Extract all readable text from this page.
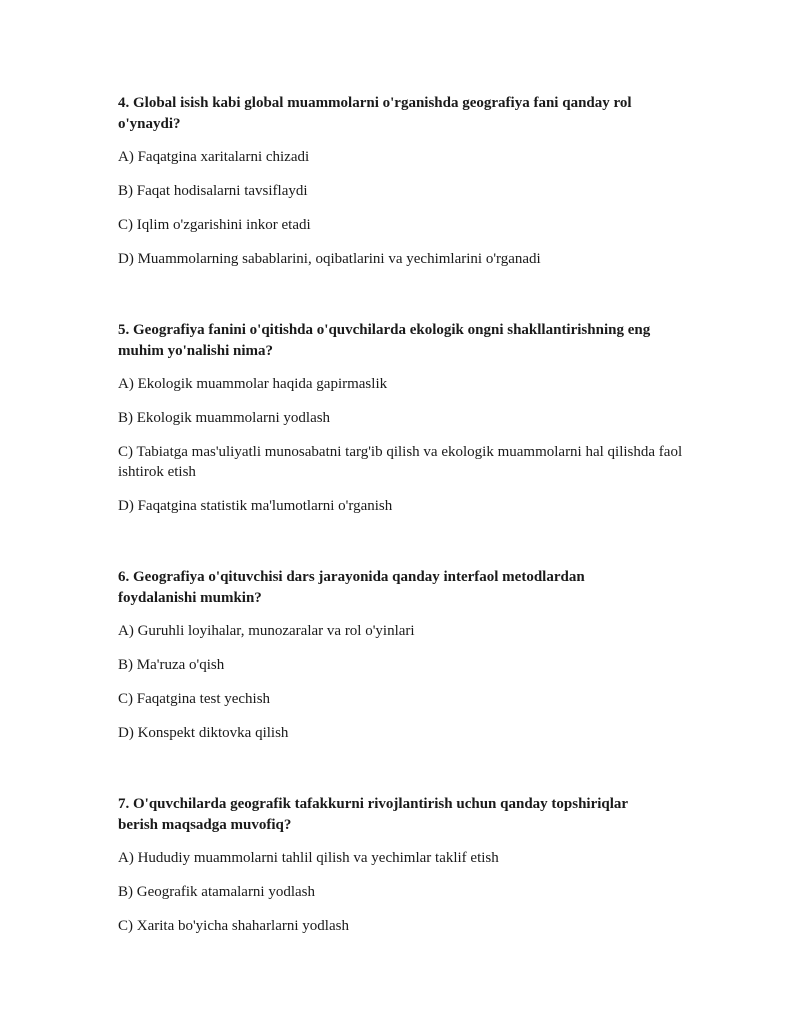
4. Global isish kabi global muammolarni o'rganishda geografiya fani qanday rol o'ynaydi?
A) Faqatgina xaritalarni chizadi
B) Faqat hodisalarni tavsiflaydi
C) Iqlim o'zgarishini inkor etadi
D) Muammolarning sabablarini, oqibatlarini va yechimlarini o'rganadi
5. Geografiya fanini o'qitishda o'quvchilarda ekologik ongni shakllantirishning eng muhim yo'nalishi nima?
A) Ekologik muammolar haqida gapirmaslik
B) Ekologik muammolarni yodlash
C) Tabiatga mas'uliyatli munosabatni targ'ib qilish va ekologik muammolarni hal qilishda faol ishtirok etish
D) Faqatgina statistik ma'lumotlarni o'rganish
6. Geografiya o'qituvchisi dars jarayonida qanday interfaol metodlardan foydalanishi mumkin?
A) Guruhli loyihalar, munozaralar va rol o'yinlari
B) Ma'ruza o'qish
C) Faqatgina test yechish
D) Konspekt diktovka qilish
7. O'quvchilarda geografik tafakkurni rivojlantirish uchun qanday topshiriqlar berish maqsadga muvofiq?
A) Hududiy muammolarni tahlil qilish va yechimlar taklif etish
B) Geografik atamalarni yodlash
C) Xarita bo'yicha shaharlarni yodlash
